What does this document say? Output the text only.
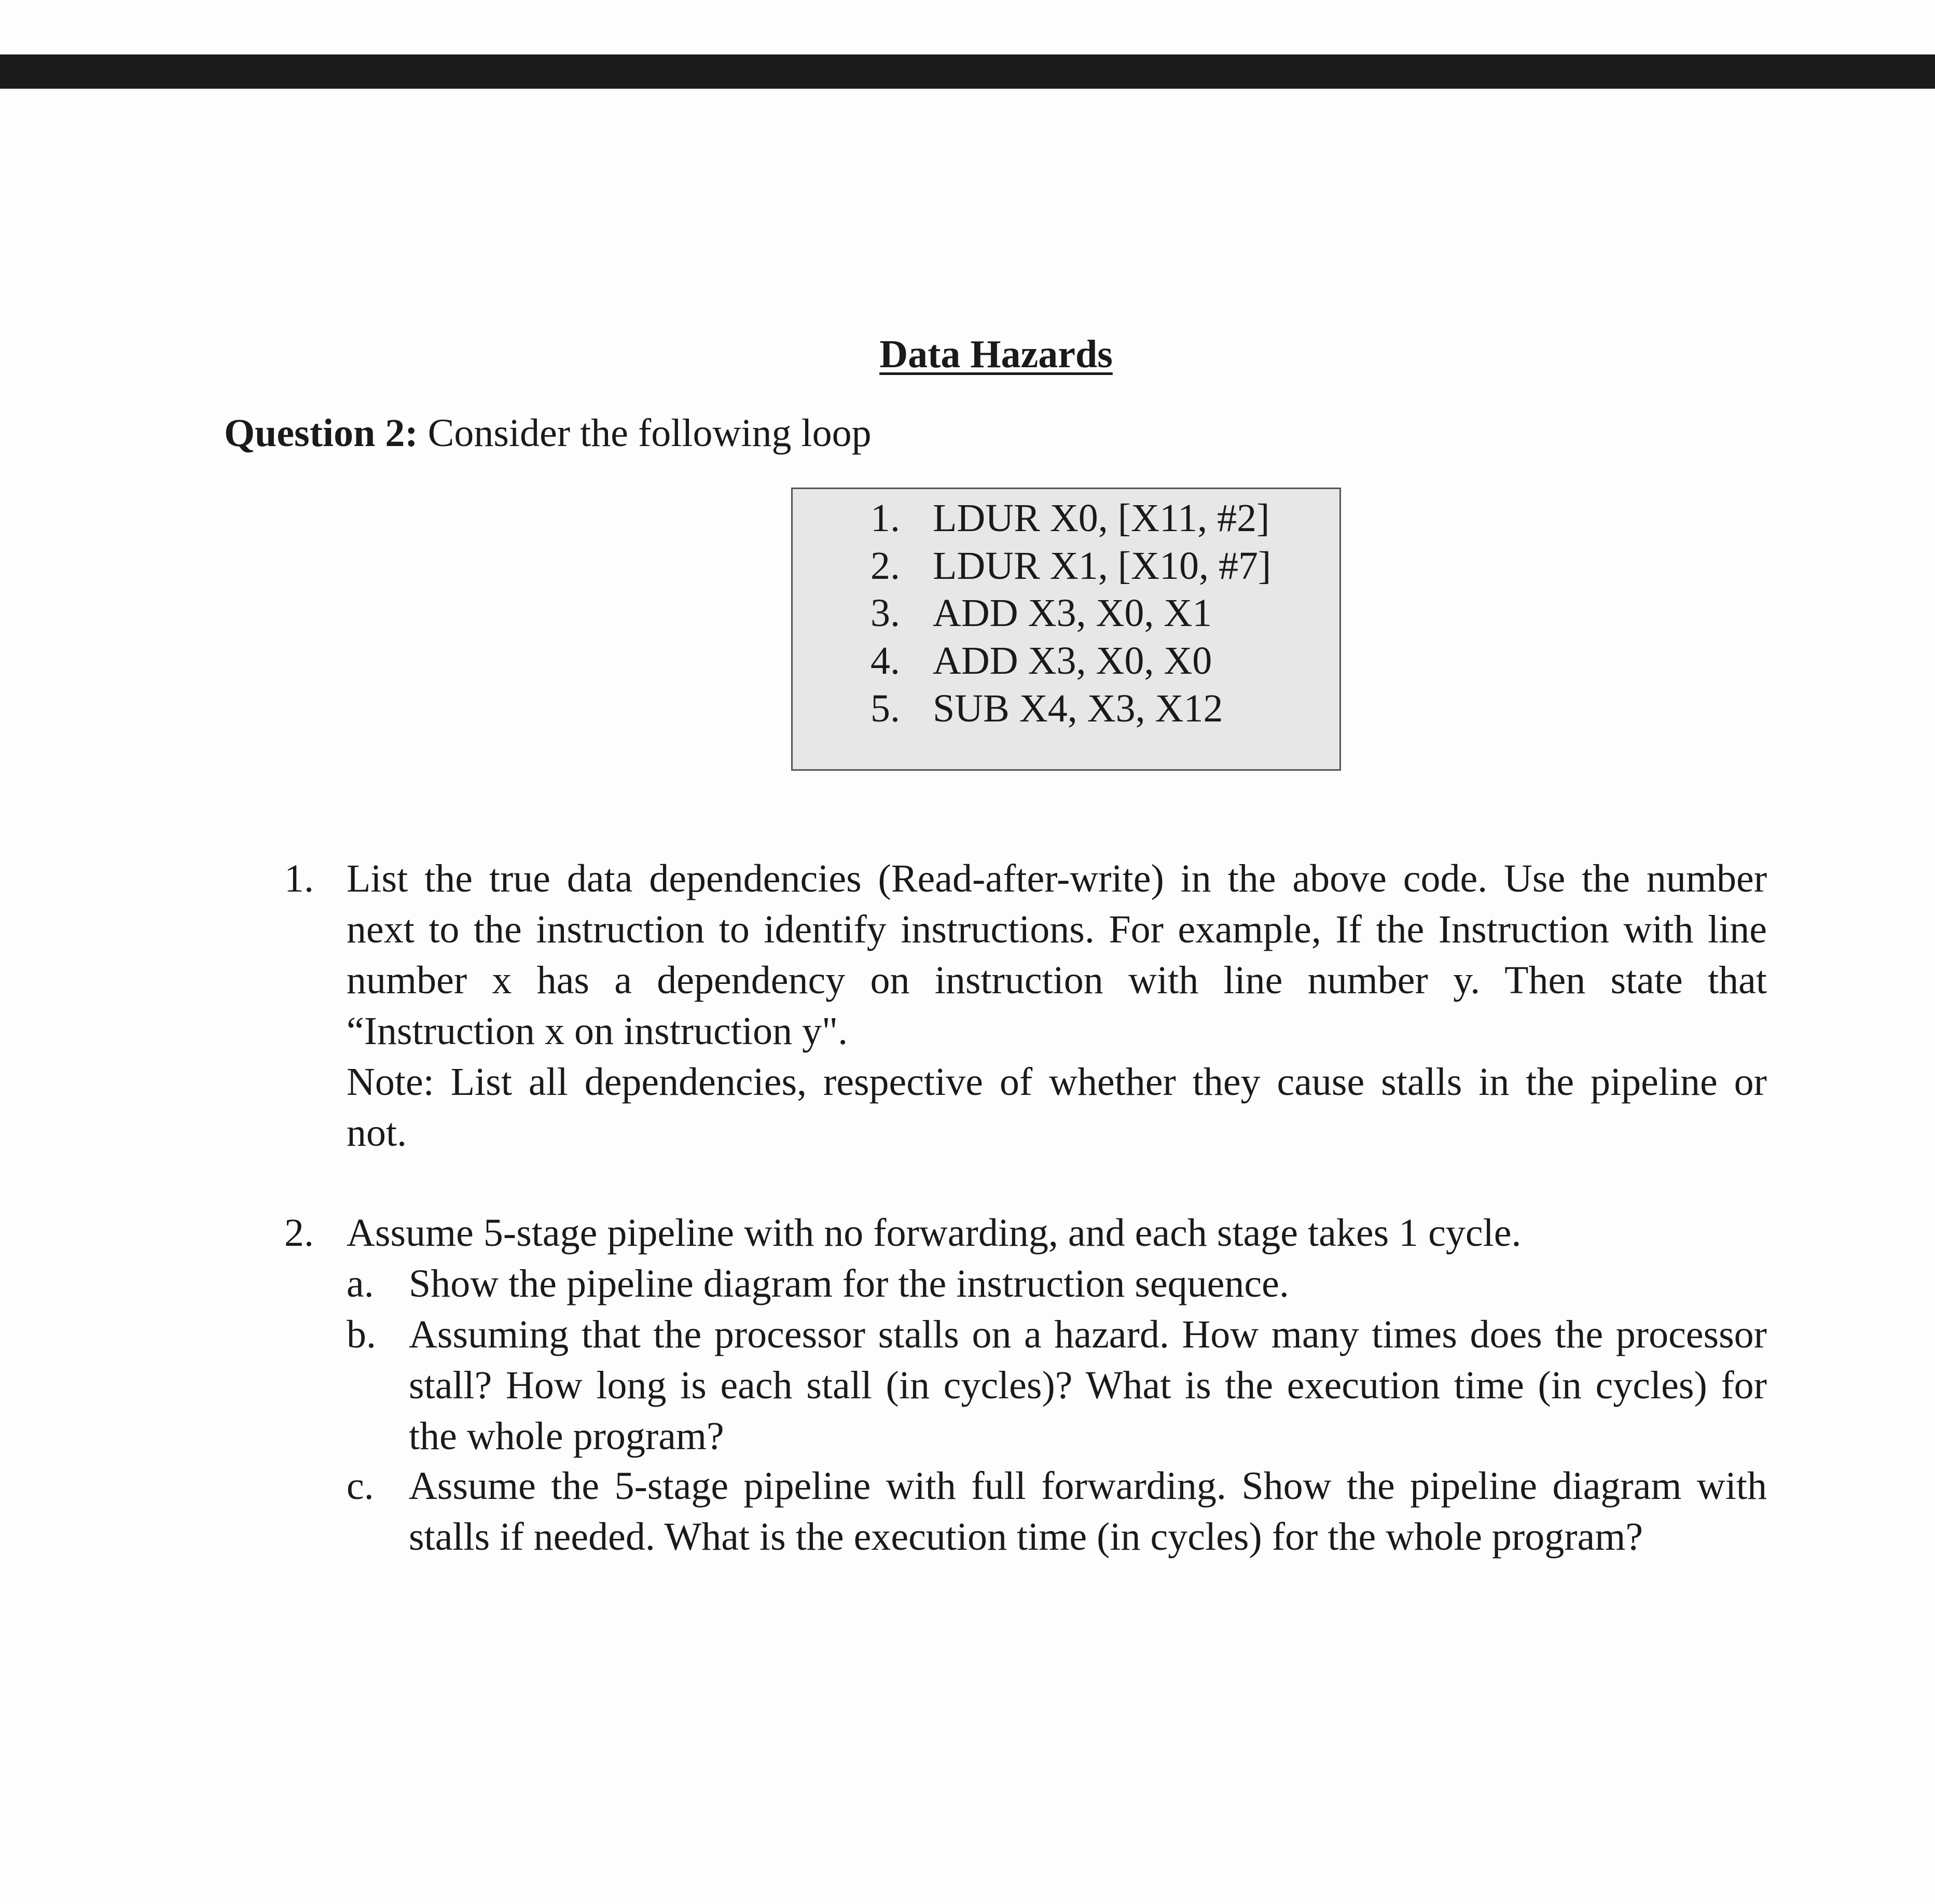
Data Hazards
Question 2: Consider the following loop
1. LDUR X0, [X11, #2]
2. LDUR X1, [X10, #7]
3. ADD X3, X0, X1
4. ADD X3, X0, X0
5. SUB X4, X3, X12
1. List the true data dependencies (Read-after-write) in the above code. Use the number
next to the instruction to identify instructions. For example, If the Instruction with line
number x has a dependency on instruction with line number y. Then state that
“Instruction x on instruction y".
Note: List all dependencies, respective of whether they cause stalls in the pipeline or
not.
2. Assume 5-stage pipeline with no forwarding, and each stage takes 1 cycle.
a. Show the pipeline diagram for the instruction sequence.
b. Assuming that the processor stalls on a hazard. How many times does the processor
stall? How long is each stall (in cycles)? What is the execution time (in cycles) for
the whole program?
c. Assume the 5-stage pipeline with full forwarding. Show the pipeline diagram with
stalls if needed. What is the execution time (in cycles) for the whole program?
